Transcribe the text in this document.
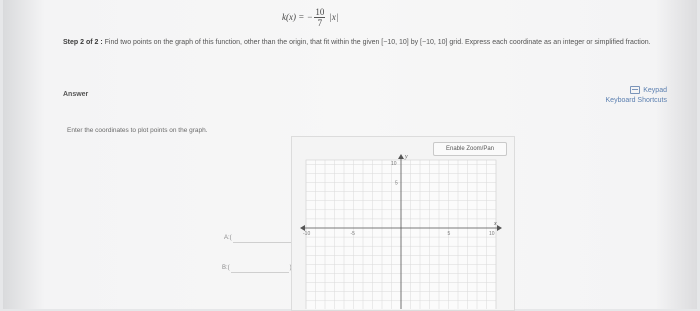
k(x) = − $\frac{10}{7} |x|$
Step 2 of 2 : Find two points on the graph of this function, other than the origin, that fit within the given [−10, 10] by [−10, 10] grid. Express each coordinate as an integer or simplified fraction.
Answer
Keypad
Keyboard Shortcuts
Enter the coordinates to plot points on the graph.
A:(
B:(
Enable Zoom/Pan
y
x
10
5
-10	-5	5	10
